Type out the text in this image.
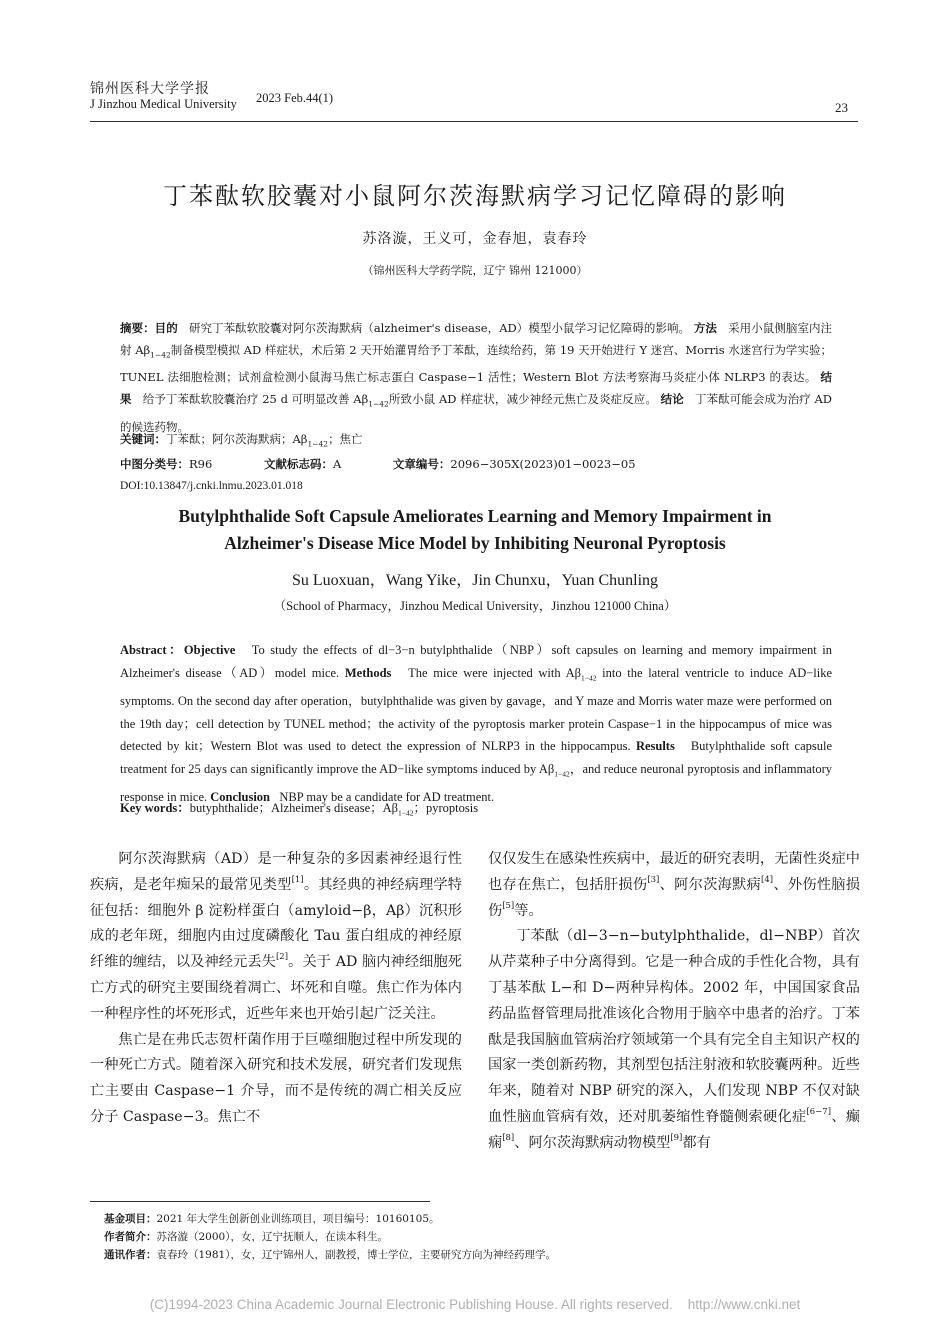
锦州医科大学学报
J Jinzhou Medical University 2023 Feb.44(1)
23
丁苯酞软胶囊对小鼠阿尔茨海默病学习记忆障碍的影响
苏洛漩，王义可，金春旭，袁春玲
（锦州医科大学药学院，辽宁 锦州 121000）
摘要：目的 研究丁苯酞软胶囊对阿尔茨海默病（alzheimer's disease，AD）模型小鼠学习记忆障碍的影响。 方法 采用小鼠侧脑室内注射 $A\beta_{1-42}$制备模型模拟 AD 样症状，术后第 2 天开始灌胃给予丁苯酞，连续给药，第 19 天开始进行 Y 迷宫、Morris 水迷宫行为学实验；TUNEL 法细胞检测；试剂盒检测小鼠海马焦亡标志蛋白 Caspase−1 活性；Western Blot 方法考察海马炎症小体 NLRP3 的表达。 结果 给予丁苯酞软胶囊治疗 25 d 可明显改善 $A\beta_{1-42}$所致小鼠 AD 样症状，减少神经元焦亡及炎症反应。 结论 丁苯酞可能会成为治疗 AD 的候选药物。
关键词：丁苯酞；阿尔茨海默病；$A\beta_{1-42}$；焦亡
中图分类号：R96	文献标志码：A	文章编号：2096−305X(2023)01−0023−05
DOI:10.13847/j.cnki.lnmu.2023.01.018
Butylphthalide Soft Capsule Ameliorates Learning and Memory Impairment in
Alzheimer's Disease Mice Model by Inhibiting Neuronal Pyroptosis
Su Luoxuan，Wang Yike，Jin Chunxu，Yuan Chunling
（School of Pharmacy，Jinzhou Medical University，Jinzhou 121000 China）
Abstract：Objective To study the effects of dl−3−n butylphthalide（NBP）soft capsules on learning and memory impairment in Alzheimer's disease（AD）model mice. Methods The mice were injected with $A\beta_{1-42}$ into the lateral ventricle to induce AD−like symptoms. On the second day after operation，butylphthalide was given by gavage，and Y maze and Morris water maze were performed on the 19th day；cell detection by TUNEL method；the activity of the pyroptosis marker protein Caspase−1 in the hippocampus of mice was detected by kit；Western Blot was used to detect the expression of NLRP3 in the hippocampus. Results Butylphthalide soft capsule treatment for 25 days can significantly improve the AD−like symptoms induced by $A\beta_{1-42}$，and reduce neuronal pyroptosis and inflammatory response in mice. Conclusion NBP may be a candidate for AD treatment.
Key words：butyphthalide；Alzheimer's disease；$A\beta_{1-42}$；pyroptosis

阿尔茨海默病（AD）是一种复杂的多因素神经退行性疾病，是老年痴呆的最常见类型[1]。其经典的神经病理学特征包括：细胞外 β 淀粉样蛋白（amyloid−β，Aβ）沉积形成的老年斑，细胞内由过度磷酸化 Tau 蛋白组成的神经原纤维的缠结，以及神经元丢失[2]。关于 AD 脑内神经细胞死亡方式的研究主要围绕着凋亡、坏死和自噬。焦亡作为体内一种程序性的坏死形式，近些年来也开始引起广泛关注。

焦亡是在弗氏志贺杆菌作用于巨噬细胞过程中所发现的一种死亡方式。随着深入研究和技术发展，研究者们发现焦亡主要由 Caspase−1 介导，而不是传统的凋亡相关反应分子 Caspase−3。焦亡不

仅仅发生在感染性疾病中，最近的研究表明，无菌性炎症中也存在焦亡，包括肝损伤[3]、阿尔茨海默病[4]、外伤性脑损伤[5]等。

丁苯酞（dl−3−n−butylphthalide，dl−NBP）首次从芹菜种子中分离得到。它是一种合成的手性化合物，具有丁基苯酞 L−和 D−两种异构体。2002 年，中国国家食品药品监督管理局批准该化合物用于脑卒中患者的治疗。丁苯酞是我国脑血管病治疗领域第一个具有完全自主知识产权的国家一类创新药物，其剂型包括注射液和软胶囊两种。近些年来，随着对 NBP 研究的深入，人们发现 NBP 不仅对缺血性脑血管病有效，还对肌萎缩性脊髓侧索硬化症[6−7]、癫痫[8]、阿尔茨海默病动物模型[9]都有

基金项目：2021 年大学生创新创业训练项目，项目编号：10160105。
作者简介：苏洛漩（2000），女，辽宁抚顺人，在读本科生。
通讯作者：袁春玲（1981），女，辽宁锦州人，副教授，博士学位，主要研究方向为神经药理学。
(C)1994-2023 China Academic Journal Electronic Publishing House. All rights reserved.    http://www.cnki.net
